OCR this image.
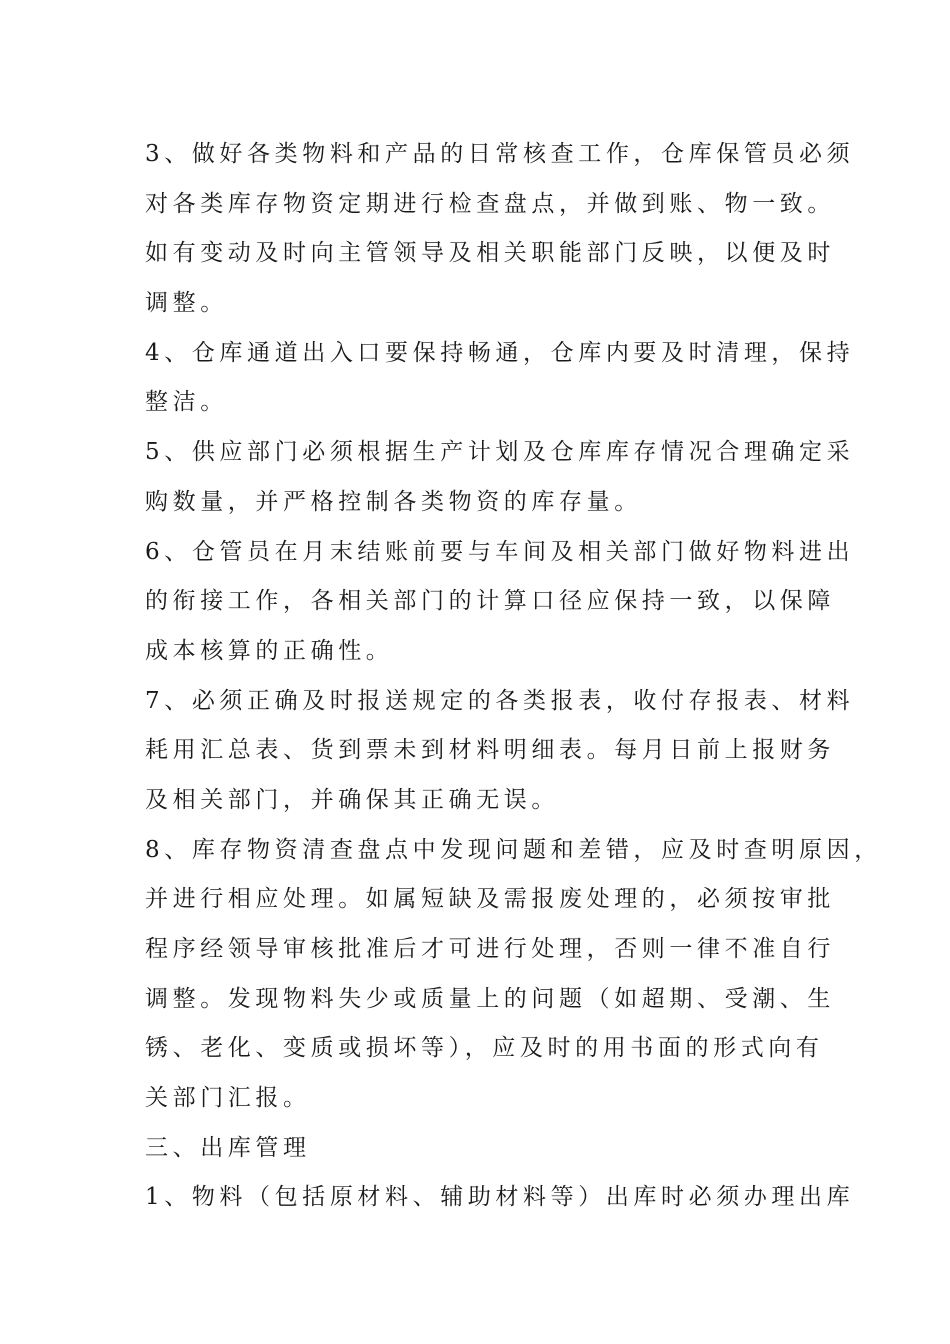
3、做好各类物料和产品的日常核查工作，仓库保管员必须
对各类库存物资定期进行检查盘点，并做到账、物一致。
如有变动及时向主管领导及相关职能部门反映，以便及时
调整。
4、仓库通道出入口要保持畅通，仓库内要及时清理，保持
整洁。
5、供应部门必须根据生产计划及仓库库存情况合理确定采
购数量，并严格控制各类物资的库存量。
6、仓管员在月末结账前要与车间及相关部门做好物料进出
的衔接工作，各相关部门的计算口径应保持一致，以保障
成本核算的正确性。
7、必须正确及时报送规定的各类报表，收付存报表、材料
耗用汇总表、货到票未到材料明细表。每月日前上报财务
及相关部门，并确保其正确无误。
8、库存物资清查盘点中发现问题和差错，应及时查明原因，
并进行相应处理。如属短缺及需报废处理的，必须按审批
程序经领导审核批准后才可进行处理，否则一律不准自行
调整。发现物料失少或质量上的问题（如超期、受潮、生
锈、老化、变质或损坏等），应及时的用书面的形式向有
关部门汇报。
三、出库管理
1、物料（包括原材料、辅助材料等）出库时必须办理出库
